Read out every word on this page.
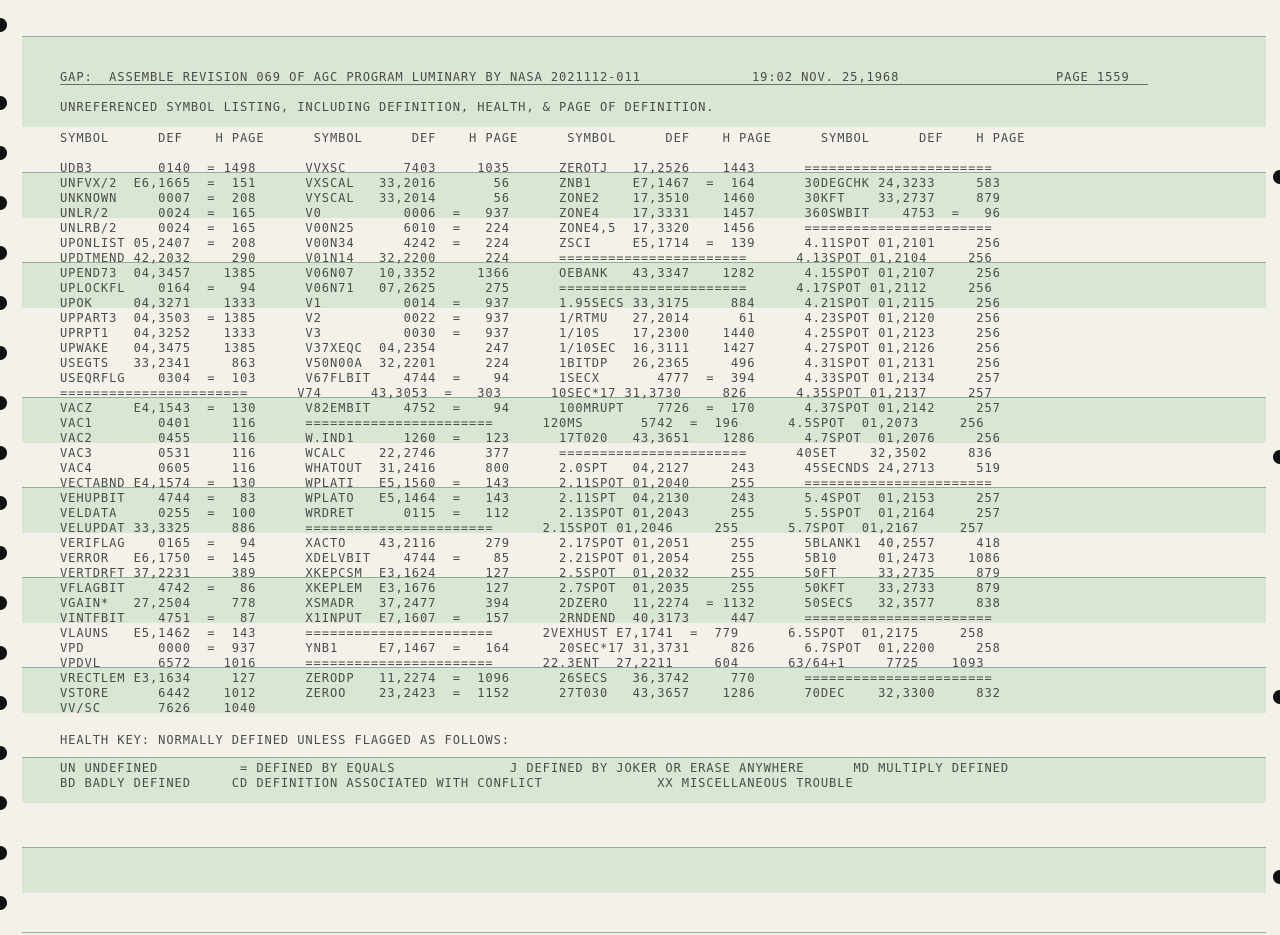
GAP:  ASSEMBLE REVISION 069 OF AGC PROGRAM LUMINARY BY NASA 2021112-011	19:02 NOV. 25,1968	PAGE 1559
UNREFERENCED SYMBOL LISTING, INCLUDING DEFINITION, HEALTH, & PAGE OF DEFINITION.
SYMBOL      DEF    H PAGE      SYMBOL      DEF    H PAGE      SYMBOL      DEF    H PAGE      SYMBOL      DEF    H PAGE
UDB3        0140  = 1498      VVXSC       7403     1035      ZEROTJ   17,2526    1443      =======================
UNFVX/2  E6,1665  =  151      VXSCAL   33,2016       56      ZNB1     E7,1467  =  164      30DEGCHK 24,3233     583
UNKNOWN     0007  =  208      VYSCAL   33,2014       56      ZONE2    17,3510    1460      30KFT    33,2737     879
UNLR/2      0024  =  165      V0          0006  =   937      ZONE4    17,3331    1457      360SWBIT    4753  =   96
UNLRB/2     0024  =  165      V00N25      6010  =   224      ZONE4,5  17,3320    1456      =======================
UPONLIST 05,2407  =  208      V00N34      4242  =   224      ZSCI     E5,1714  =  139      4.11SPOT 01,2101     256
UPDTMEND 42,2032     290      V01N14   32,2200      224      =======================      4.13SPOT 01,2104     256
UPEND73  04,3457    1385      V06N07   10,3352     1366      OEBANK   43,3347    1282      4.15SPOT 01,2107     256
UPLOCKFL    0164  =   94      V06N71   07,2625      275      =======================      4.17SPOT 01,2112     256
UPOK     04,3271    1333      V1          0014  =   937      1.95SECS 33,3175     884      4.21SPOT 01,2115     256
UPPART3  04,3503  = 1385      V2          0022  =   937      1/RTMU   27,2014      61      4.23SPOT 01,2120     256
UPRPT1   04,3252    1333      V3          0030  =   937      1/10S    17,2300    1440      4.25SPOT 01,2123     256
UPWAKE   04,3475    1385      V37XEQC  04,2354      247      1/10SEC  16,3111    1427      4.27SPOT 01,2126     256
USEGTS   33,2341     863      V50N00A  32,2201      224      1BITDP   26,2365     496      4.31SPOT 01,2131     256
USEQRFLG    0304  =  103      V67FLBIT    4744  =    94      1SECX       4777  =  394      4.33SPOT 01,2134     257
=======================      V74      43,3053  =   303      10SEC*17 31,3730     826      4.35SPOT 01,2137     257
VACZ     E4,1543  =  130      V82EMBIT    4752  =    94      100MRUPT    7726  =  170      4.37SPOT 01,2142     257
VAC1        0401     116      =======================      120MS       5742  =  196      4.5SPOT  01,2073     256
VAC2        0455     116      W.IND1      1260  =   123      17T020   43,3651    1286      4.7SPOT  01,2076     256
VAC3        0531     116      WCALC    22,2746      377      =======================      40SET    32,3502     836
VAC4        0605     116      WHATOUT  31,2416      800      2.0SPT   04,2127     243      45SECNDS 24,2713     519
VECTABND E4,1574  =  130      WPLATI   E5,1560  =   143      2.11SPOT 01,2040     255      =======================
VEHUPBIT    4744  =   83      WPLATO   E5,1464  =   143      2.11SPT  04,2130     243      5.4SPOT  01,2153     257
VELDATA     0255  =  100      WRDRET      0115  =   112      2.13SPOT 01,2043     255      5.5SPOT  01,2164     257
VELUPDAT 33,3325     886      =======================      2.15SPOT 01,2046     255      5.7SPOT  01,2167     257
VERIFLAG    0165  =   94      XACTO    43,2116      279      2.17SPOT 01,2051     255      5BLANK1  40,2557     418
VERROR   E6,1750  =  145      XDELVBIT    4744  =    85      2.21SPOT 01,2054     255      5B10     01,2473    1086
VERTDRFT 37,2231     389      XKEPCSM  E3,1624      127      2.5SPOT  01,2032     255      50FT     33,2735     879
VFLAGBIT    4742  =   86      XKEPLEM  E3,1676      127      2.7SPOT  01,2035     255      50KFT    33,2733     879
VGAIN*   27,2504     778      XSMADR   37,2477      394      2DZERO   11,2274  = 1132      50SECS   32,3577     838
VINTFBIT    4751  =   87      X1INPUT  E7,1607  =   157      2RNDEND  40,3173     447      =======================
VLAUNS   E5,1462  =  143      =======================      2VEXHUST E7,1741  =  779      6.5SPOT  01,2175     258
VPD         0000  =  937      YNB1     E7,1467  =   164      20SEC*17 31,3731     826      6.7SPOT  01,2200     258
VPDVL       6572    1016      =======================      22.3ENT  27,2211     604      63/64+1     7725    1093
VRECTLEM E3,1634     127      ZERODP   11,2274  =  1096      26SECS   36,3742     770      =======================
VSTORE      6442    1012      ZEROO    23,2423  =  1152      27T030   43,3657    1286      70DEC    32,3300     832
VV/SC       7626    1040
HEALTH KEY: NORMALLY DEFINED UNLESS FLAGGED AS FOLLOWS:
UN UNDEFINED          = DEFINED BY EQUALS              J DEFINED BY JOKER OR ERASE ANYWHERE      MD MULTIPLY DEFINED
BD BADLY DEFINED     CD DEFINITION ASSOCIATED WITH CONFLICT              XX MISCELLANEOUS TROUBLE
